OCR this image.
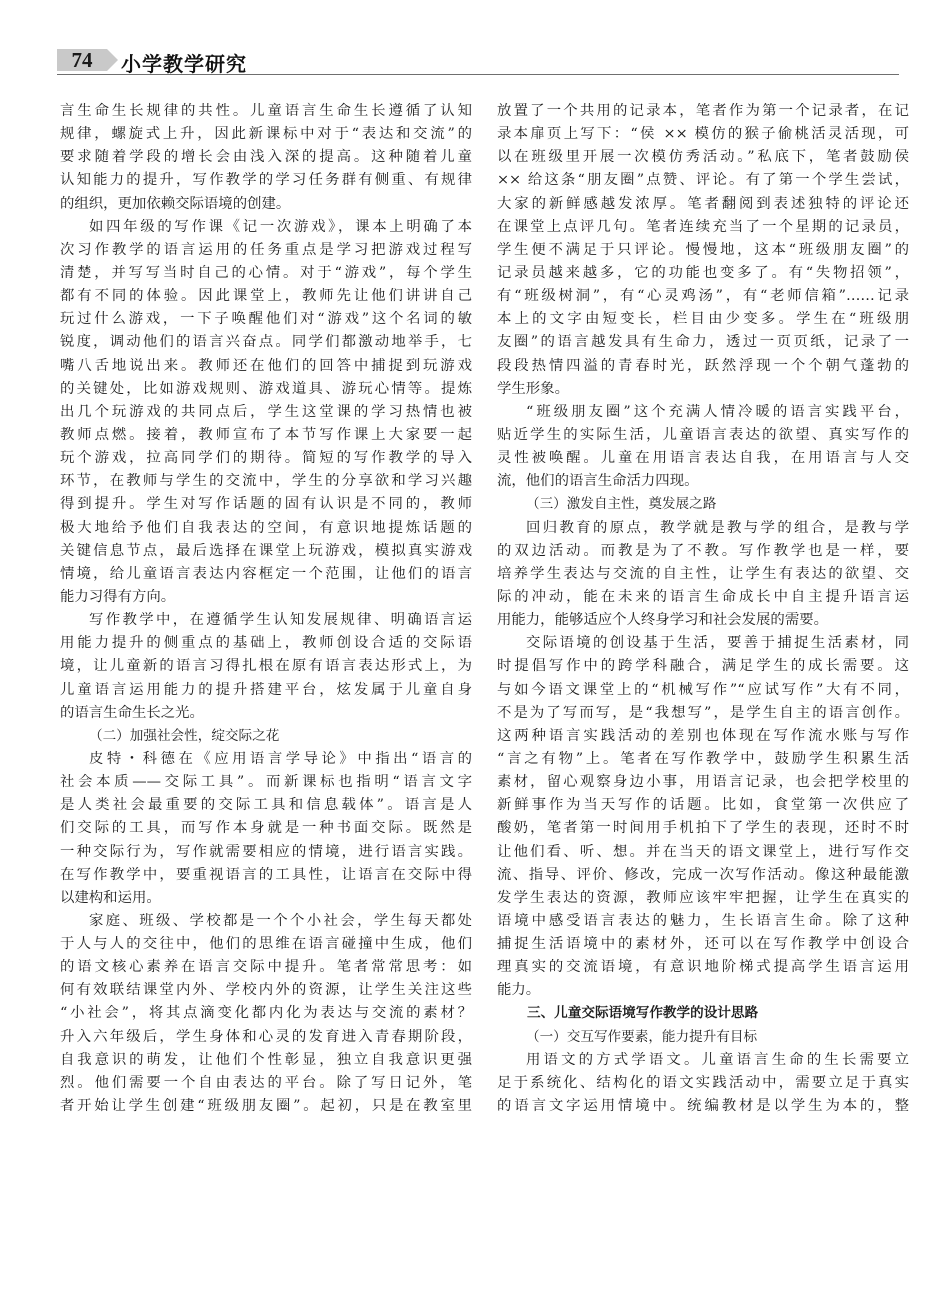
74	小学教学研究
言生命生长规律的共性。儿童语言生命生长遵循了认知
规律，螺旋式上升，因此新课标中对于“表达和交流”的
要求随着学段的增长会由浅入深的提高。这种随着儿童
认知能力的提升，写作教学的学习任务群有侧重、有规律
的组织，更加依赖交际语境的创建。
如四年级的写作课《记一次游戏》，课本上明确了本
次习作教学的语言运用的任务重点是学习把游戏过程写
清楚，并写写当时自己的心情。对于“游戏”，每个学生
都有不同的体验。因此课堂上，教师先让他们讲讲自己
玩过什么游戏，一下子唤醒他们对“游戏”这个名词的敏
锐度，调动他们的语言兴奋点。同学们都激动地举手，七
嘴八舌地说出来。教师还在他们的回答中捕捉到玩游戏
的关键处，比如游戏规则、游戏道具、游玩心情等。提炼
出几个玩游戏的共同点后，学生这堂课的学习热情也被
教师点燃。接着，教师宣布了本节写作课上大家要一起
玩个游戏，拉高同学们的期待。简短的写作教学的导入
环节，在教师与学生的交流中，学生的分享欲和学习兴趣
得到提升。学生对写作话题的固有认识是不同的，教师
极大地给予他们自我表达的空间，有意识地提炼话题的
关键信息节点，最后选择在课堂上玩游戏，模拟真实游戏
情境，给儿童语言表达内容框定一个范围，让他们的语言
能力习得有方向。
写作教学中，在遵循学生认知发展规律、明确语言运
用能力提升的侧重点的基础上，教师创设合适的交际语
境，让儿童新的语言习得扎根在原有语言表达形式上，为
儿童语言运用能力的提升搭建平台，炫发属于儿童自身
的语言生命生长之光。
（二）加强社会性，绽交际之花
皮特・科德在《应用语言学导论》中指出“语言的
社会本质——交际工具”。而新课标也指明“语言文字
是人类社会最重要的交际工具和信息载体”。语言是人
们交际的工具，而写作本身就是一种书面交际。既然是
一种交际行为，写作就需要相应的情境，进行语言实践。
在写作教学中，要重视语言的工具性，让语言在交际中得
以建构和运用。
家庭、班级、学校都是一个个小社会，学生每天都处
于人与人的交往中，他们的思维在语言碰撞中生成，他们
的语文核心素养在语言交际中提升。笔者常常思考：如
何有效联结课堂内外、学校内外的资源，让学生关注这些
“小社会”，将其点滴变化都内化为表达与交流的素材？
升入六年级后，学生身体和心灵的发育进入青春期阶段，
自我意识的萌发，让他们个性彰显，独立自我意识更强
烈。他们需要一个自由表达的平台。除了写日记外，笔
者开始让学生创建“班级朋友圈”。起初，只是在教室里
放置了一个共用的记录本，笔者作为第一个记录者，在记
录本扉页上写下：“侯 ×× 模仿的猴子偷桃活灵活现，可
以在班级里开展一次模仿秀活动。”私底下，笔者鼓励侯
×× 给这条“朋友圈”点赞、评论。有了第一个学生尝试，
大家的新鲜感越发浓厚。笔者翻阅到表述独特的评论还
在课堂上点评几句。笔者连续充当了一个星期的记录员，
学生便不满足于只评论。慢慢地，这本“班级朋友圈”的
记录员越来越多，它的功能也变多了。有“失物招领”，
有“班级树洞”，有“心灵鸡汤”，有“老师信箱”……记录
本上的文字由短变长，栏目由少变多。学生在“班级朋
友圈”的语言越发具有生命力，透过一页页纸，记录了一
段段热情四溢的青春时光，跃然浮现一个个朝气蓬勃的
学生形象。
“班级朋友圈”这个充满人情冷暖的语言实践平台，
贴近学生的实际生活，儿童语言表达的欲望、真实写作的
灵性被唤醒。儿童在用语言表达自我，在用语言与人交
流，他们的语言生命活力四现。
（三）激发自主性，奠发展之路
回归教育的原点，教学就是教与学的组合，是教与学
的双边活动。而教是为了不教。写作教学也是一样，要
培养学生表达与交流的自主性，让学生有表达的欲望、交
际的冲动，能在未来的语言生命成长中自主提升语言运
用能力，能够适应个人终身学习和社会发展的需要。
交际语境的创设基于生活，要善于捕捉生活素材，同
时提倡写作中的跨学科融合，满足学生的成长需要。这
与如今语文课堂上的“机械写作”“应试写作”大有不同，
不是为了写而写，是“我想写”，是学生自主的语言创作。
这两种语言实践活动的差别也体现在写作流水账与写作
“言之有物”上。笔者在写作教学中，鼓励学生积累生活
素材，留心观察身边小事，用语言记录，也会把学校里的
新鲜事作为当天写作的话题。比如，食堂第一次供应了
酸奶，笔者第一时间用手机拍下了学生的表现，还时不时
让他们看、听、想。并在当天的语文课堂上，进行写作交
流、指导、评价、修改，完成一次写作活动。像这种最能激
发学生表达的资源，教师应该牢牢把握，让学生在真实的
语境中感受语言表达的魅力，生长语言生命。除了这种
捕捉生活语境中的素材外，还可以在写作教学中创设合
理真实的交流语境，有意识地阶梯式提高学生语言运用
能力。
三、儿童交际语境写作教学的设计思路
（一）交互写作要素，能力提升有目标
用语文的方式学语文。儿童语言生命的生长需要立
足于系统化、结构化的语文实践活动中，需要立足于真实
的语言文字运用情境中。统编教材是以学生为本的，整
